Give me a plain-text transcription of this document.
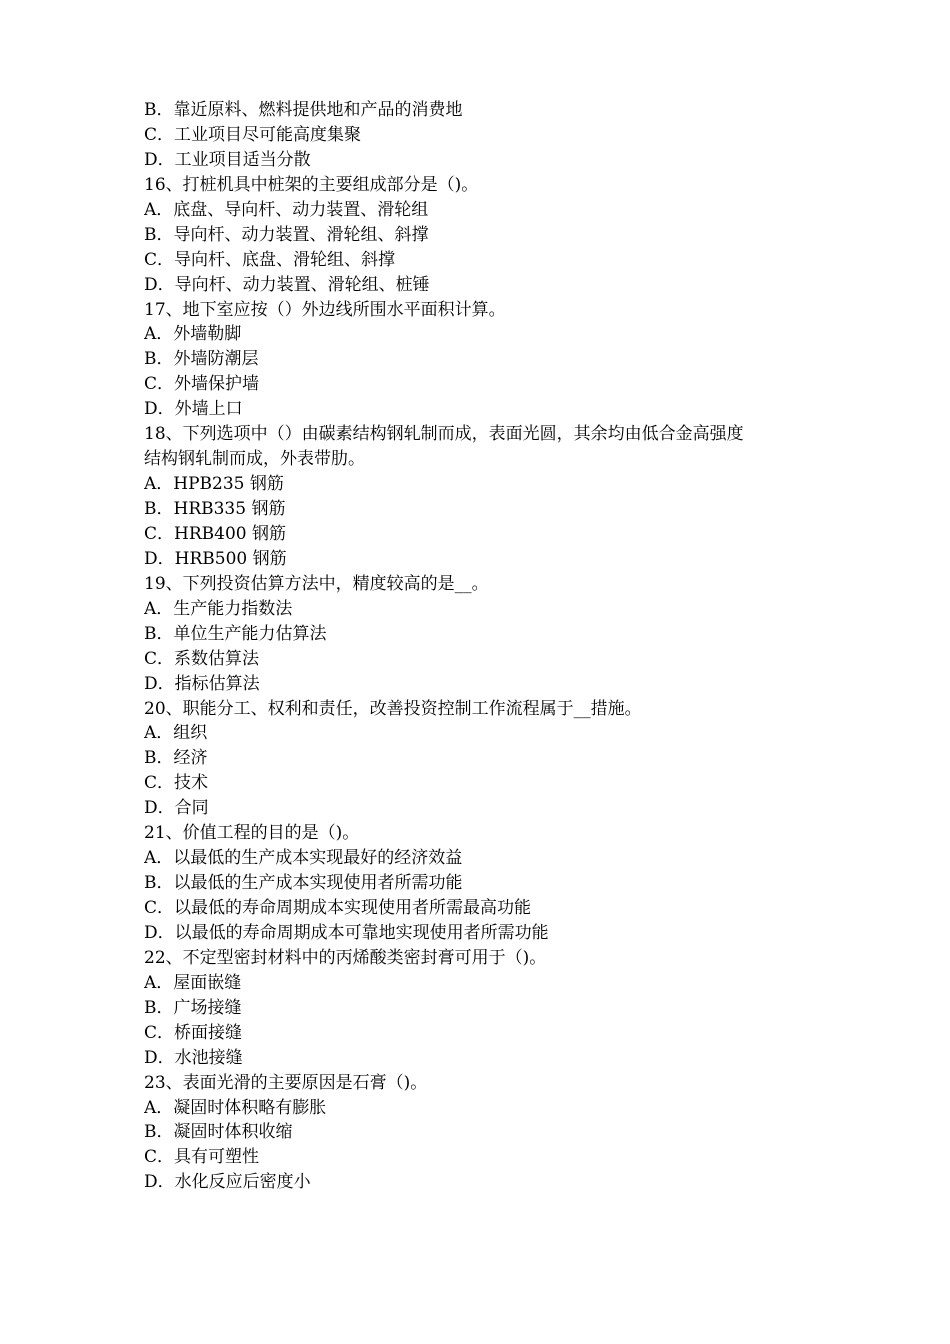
B．靠近原料、燃料提供地和产品的消费地
C．工业项目尽可能高度集聚
D．工业项目适当分散
16、打桩机具中桩架的主要组成部分是（)。
A．底盘、导向杆、动力装置、滑轮组
B．导向杆、动力装置、滑轮组、斜撑
C．导向杆、底盘、滑轮组、斜撑
D．导向杆、动力装置、滑轮组、桩锤
17、地下室应按（）外边线所围水平面积计算。
A．外墙勒脚
B．外墙防潮层
C．外墙保护墙
D．外墙上口
18、下列选项中（）由碳素结构钢轧制而成，表面光圆，其余均由低合金高强度
结构钢轧制而成，外表带肋。
A．HPB235 钢筋
B．HRB335 钢筋
C．HRB400 钢筋
D．HRB500 钢筋
19、下列投资估算方法中，精度较高的是__。
A．生产能力指数法
B．单位生产能力估算法
C．系数估算法
D．指标估算法
20、职能分工、权利和责任，改善投资控制工作流程属于__措施。
A．组织
B．经济
C．技术
D．合同
21、价值工程的目的是（)。
A．以最低的生产成本实现最好的经济效益
B．以最低的生产成本实现使用者所需功能
C．以最低的寿命周期成本实现使用者所需最高功能
D．以最低的寿命周期成本可靠地实现使用者所需功能
22、不定型密封材料中的丙烯酸类密封膏可用于（)。
A．屋面嵌缝
B．广场接缝
C．桥面接缝
D．水池接缝
23、表面光滑的主要原因是石膏（)。
A．凝固时体积略有膨胀
B．凝固时体积收缩
C．具有可塑性
D．水化反应后密度小
